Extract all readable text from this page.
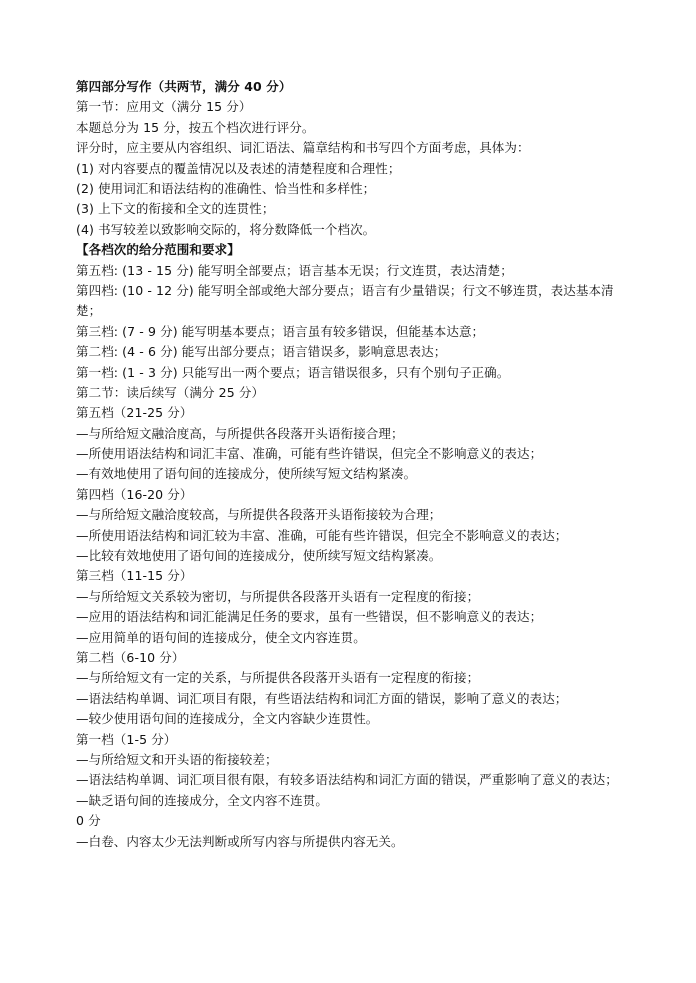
第四部分写作（共两节，满分 40 分）
第一节：应用文（满分 15 分）
本题总分为 15 分，按五个档次进行评分。
评分时，应主要从内容组织、词汇语法、篇章结构和书写四个方面考虑，具体为：
(1) 对内容要点的覆盖情况以及表述的清楚程度和合理性；
(2) 使用词汇和语法结构的准确性、恰当性和多样性；
(3) 上下文的衔接和全文的连贯性；
(4) 书写较差以致影响交际的，将分数降低一个档次。
【各档次的给分范围和要求】
第五档: (13 - 15 分) 能写明全部要点；语言基本无误；行文连贯，表达清楚；
第四档: (10 - 12 分) 能写明全部或绝大部分要点；语言有少量错误；行文不够连贯，表达基本清楚；
第三档: (7 - 9 分) 能写明基本要点；语言虽有较多错误，但能基本达意；
第二档: (4 - 6 分) 能写出部分要点；语言错误多，影响意思表达；
第一档: (1 - 3 分) 只能写出一两个要点；语言错误很多，只有个别句子正确。
第二节：读后续写（满分 25 分）
第五档（21-25 分）
—与所给短文融洽度高，与所提供各段落开头语衔接合理；
—所使用语法结构和词汇丰富、准确，可能有些许错误，但完全不影响意义的表达；
—有效地使用了语句间的连接成分，使所续写短文结构紧凑。
第四档（16-20 分）
—与所给短文融洽度较高，与所提供各段落开头语衔接较为合理；
—所使用语法结构和词汇较为丰富、准确，可能有些许错误，但完全不影响意义的表达；
—比较有效地使用了语句间的连接成分，使所续写短文结构紧凑。
第三档（11-15 分）
—与所给短文关系较为密切，与所提供各段落开头语有一定程度的衔接；
—应用的语法结构和词汇能满足任务的要求，虽有一些错误，但不影响意义的表达；
—应用简单的语句间的连接成分，使全文内容连贯。
第二档（6-10 分）
—与所给短文有一定的关系，与所提供各段落开头语有一定程度的衔接；
—语法结构单调、词汇项目有限，有些语法结构和词汇方面的错误，影响了意义的表达；
—较少使用语句间的连接成分，全文内容缺少连贯性。
第一档（1-5 分）
—与所给短文和开头语的衔接较差；
—语法结构单调、词汇项目很有限，有较多语法结构和词汇方面的错误，严重影响了意义的表达；
—缺乏语句间的连接成分，全文内容不连贯。
0 分
—白卷、内容太少无法判断或所写内容与所提供内容无关。
